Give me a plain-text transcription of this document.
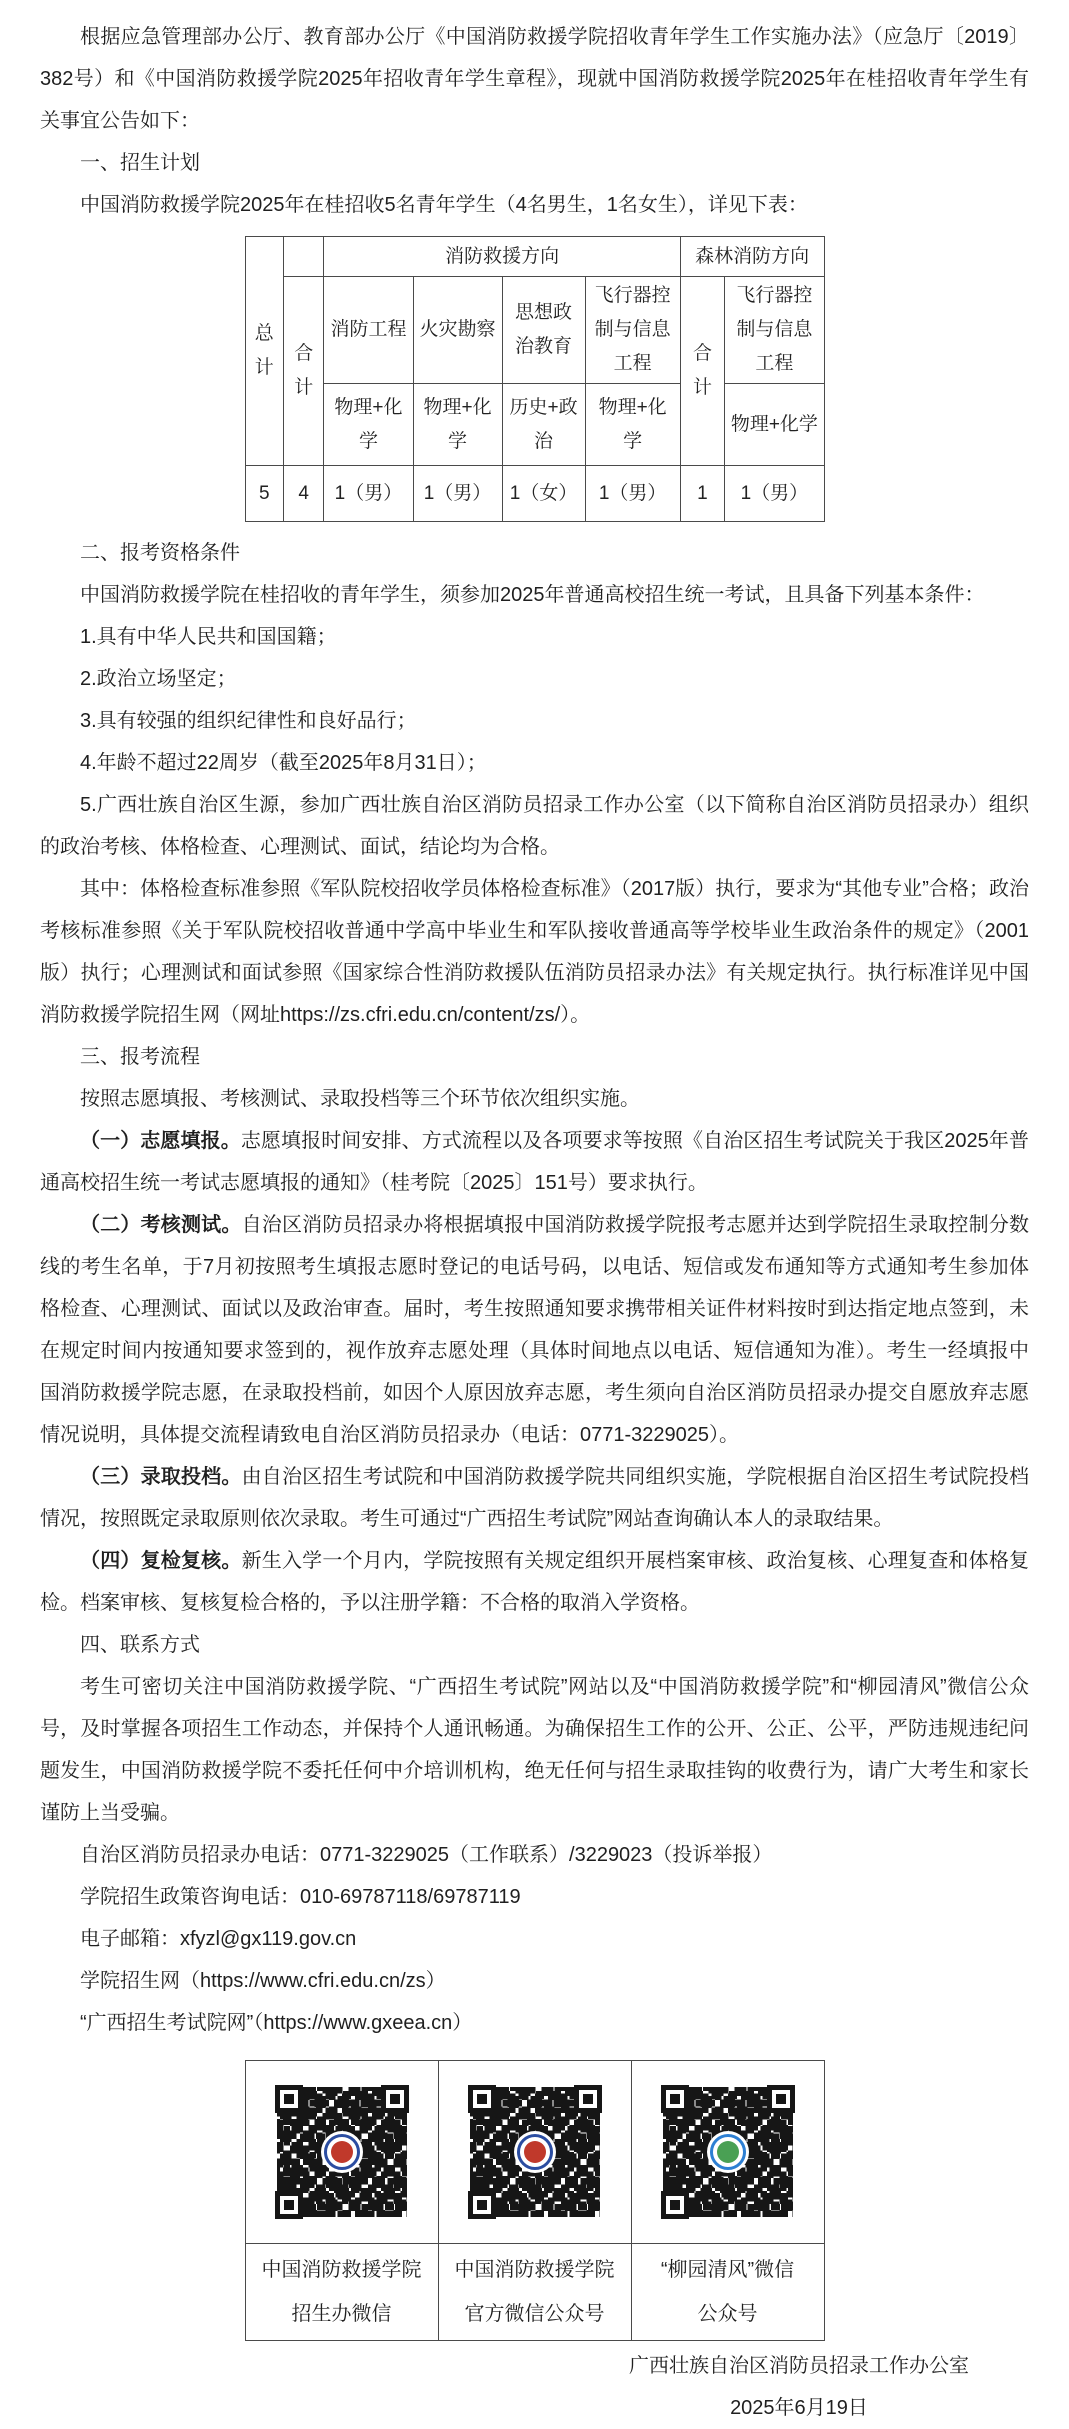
根据应急管理部办公厅、教育部办公厅《中国消防救援学院招收青年学生工作实施办法》（应急厅〔2019〕382号）和《中国消防救援学院2025年招收青年学生章程》，现就中国消防救援学院2025年在桂招收青年学生有关事宜公告如下：

一、招生计划

中国消防救援学院2025年在桂招收5名青年学生（4名男生，1名女生），详见下表：

总计		消防救援方向				森林消防方向	
	合计	消防工程	火灾勘察	思想政治教育	飞行器控制与信息工程	合计	飞行器控制与信息工程
		物理+化学	物理+化学	历史+政治	物理+化学		物理+化学
5	4	1（男）	1（男）	1（女）	1（男）	1	1（男）

二、报考资格条件

中国消防救援学院在桂招收的青年学生，须参加2025年普通高校招生统一考试，且具备下列基本条件：

1.具有中华人民共和国国籍；

2.政治立场坚定；

3.具有较强的组织纪律性和良好品行；

4.年龄不超过22周岁（截至2025年8月31日）；

5.广西壮族自治区生源，参加广西壮族自治区消防员招录工作办公室（以下简称自治区消防员招录办）组织的政治考核、体格检查、心理测试、面试，结论均为合格。

其中：体格检查标准参照《军队院校招收学员体格检查标准》（2017版）执行，要求为“其他专业”合格；政治考核标准参照《关于军队院校招收普通中学高中毕业生和军队接收普通高等学校毕业生政治条件的规定》（2001版）执行；心理测试和面试参照《国家综合性消防救援队伍消防员招录办法》有关规定执行。执行标准详见中国消防救援学院招生网（网址https://zs.cfri.edu.cn/content/zs/）。

三、报考流程

按照志愿填报、考核测试、录取投档等三个环节依次组织实施。

（一）志愿填报。志愿填报时间安排、方式流程以及各项要求等按照《自治区招生考试院关于我区2025年普通高校招生统一考试志愿填报的通知》（桂考院〔2025〕151号）要求执行。

（二）考核测试。自治区消防员招录办将根据填报中国消防救援学院报考志愿并达到学院招生录取控制分数线的考生名单，于7月初按照考生填报志愿时登记的电话号码，以电话、短信或发布通知等方式通知考生参加体格检查、心理测试、面试以及政治审查。届时，考生按照通知要求携带相关证件材料按时到达指定地点签到，未在规定时间内按通知要求签到的，视作放弃志愿处理（具体时间地点以电话、短信通知为准）。考生一经填报中国消防救援学院志愿，在录取投档前，如因个人原因放弃志愿，考生须向自治区消防员招录办提交自愿放弃志愿情况说明，具体提交流程请致电自治区消防员招录办（电话：0771-3229025）。

（三）录取投档。由自治区招生考试院和中国消防救援学院共同组织实施，学院根据自治区招生考试院投档情况，按照既定录取原则依次录取。考生可通过“广西招生考试院”网站查询确认本人的录取结果。

（四）复检复核。新生入学一个月内，学院按照有关规定组织开展档案审核、政治复核、心理复查和体格复检。档案审核、复核复检合格的，予以注册学籍：不合格的取消入学资格。

四、联系方式

考生可密切关注中国消防救援学院、“广西招生考试院”网站以及“中国消防救援学院”和“柳园清风”微信公众号，及时掌握各项招生工作动态，并保持个人通讯畅通。为确保招生工作的公开、公正、公平，严防违规违纪问题发生，中国消防救援学院不委托任何中介培训机构，绝无任何与招生录取挂钩的收费行为，请广大考生和家长谨防上当受骗。

自治区消防员招录办电话：0771-3229025（工作联系）/3229023（投诉举报）

学院招生政策咨询电话：010-69787118/69787119

电子邮箱：xfyzl@gx119.gov.cn

学院招生网（https://www.cfri.edu.cn/zs）

“广西招生考试院网”（https://www.gxeea.cn）

中国消防救援学院
招生办微信

中国消防救援学院
官方微信公众号

“柳园清风”微信
公众号
广西壮族自治区消防员招录工作办公室
2025年6月19日
